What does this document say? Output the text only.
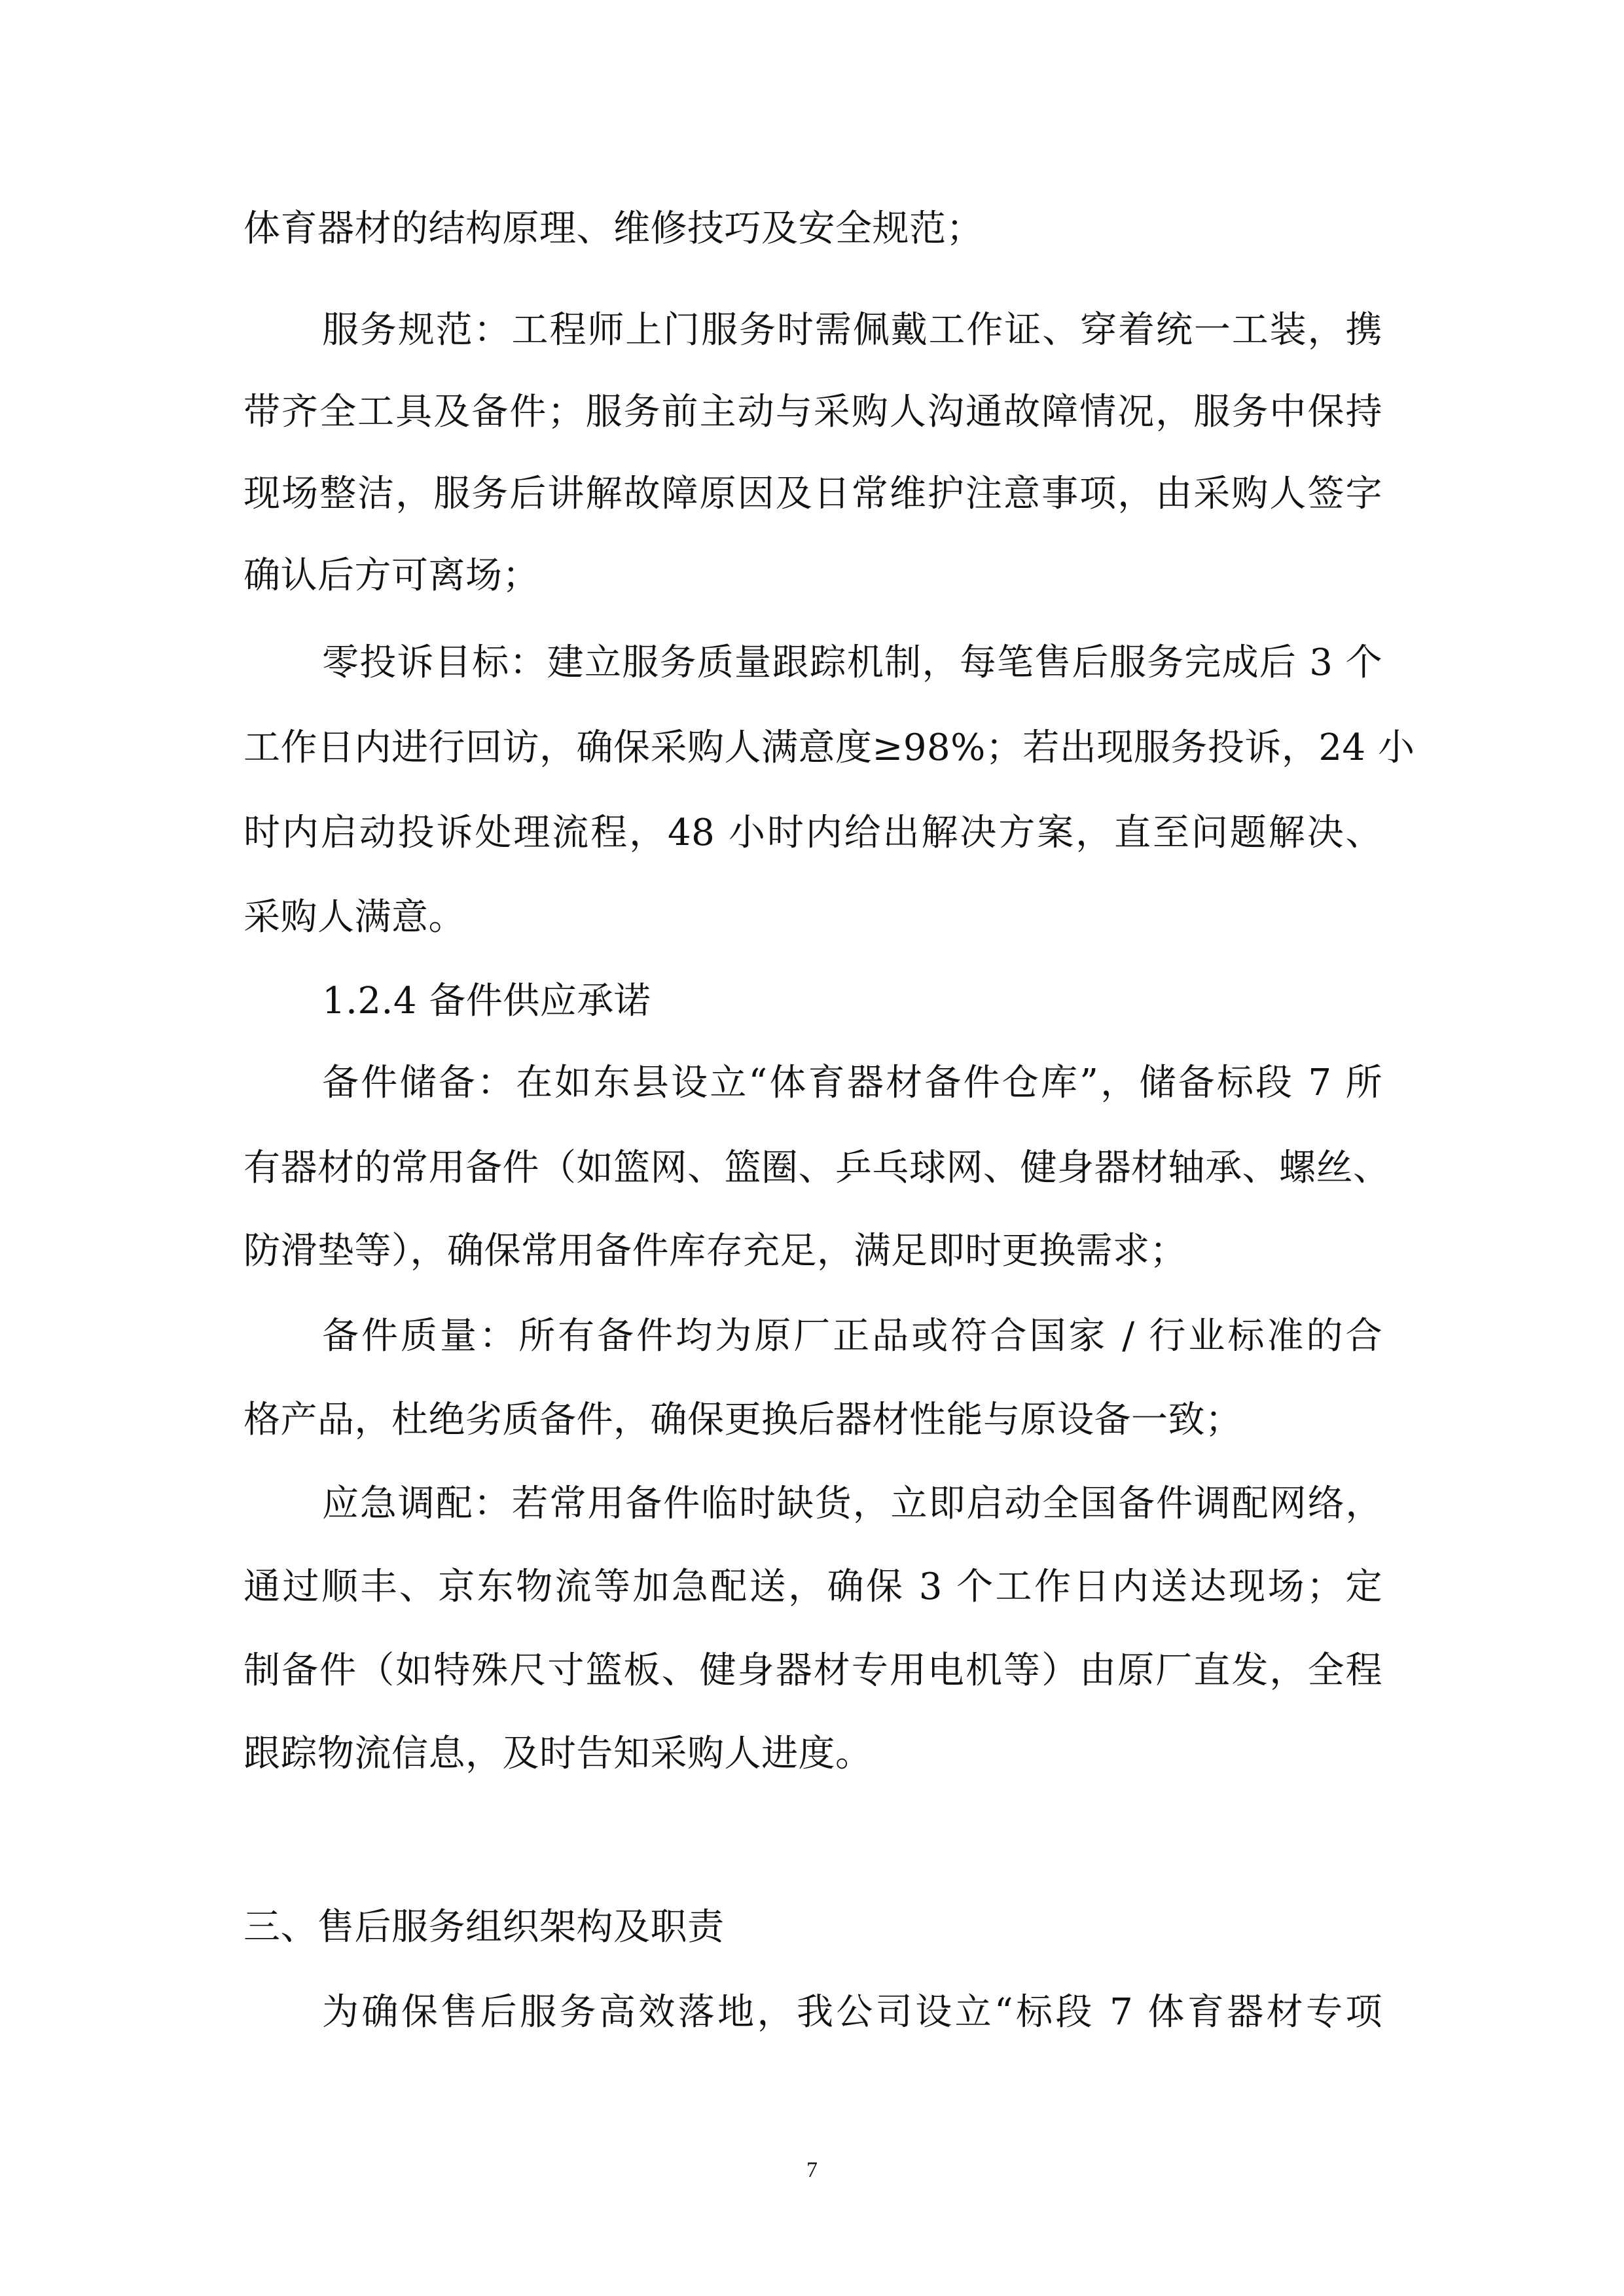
体育器材的结构原理、维修技巧及安全规范；
服务规范：工程师上门服务时需佩戴工作证、穿着统一工装，携
带齐全工具及备件；服务前主动与采购人沟通故障情况，服务中保持
现场整洁，服务后讲解故障原因及日常维护注意事项，由采购人签字
确认后方可离场；
零投诉目标：建立服务质量跟踪机制，每笔售后服务完成后 3 个
工作日内进行回访，确保采购人满意度≥98%；若出现服务投诉，24 小
时内启动投诉处理流程，48 小时内给出解决方案，直至问题解决、
采购人满意。
1.2.4 备件供应承诺
备件储备：在如东县设立“体育器材备件仓库”，储备标段 7 所
有器材的常用备件（如篮网、篮圈、乒乓球网、健身器材轴承、螺丝、
防滑垫等），确保常用备件库存充足，满足即时更换需求；
备件质量：所有备件均为原厂正品或符合国家 / 行业标准的合
格产品，杜绝劣质备件，确保更换后器材性能与原设备一致；
应急调配：若常用备件临时缺货，立即启动全国备件调配网络，
通过顺丰、京东物流等加急配送，确保 3 个工作日内送达现场；定
制备件（如特殊尺寸篮板、健身器材专用电机等）由原厂直发，全程
跟踪物流信息，及时告知采购人进度。
三、售后服务组织架构及职责
为确保售后服务高效落地，我公司设立“标段 7 体育器材专项
7
